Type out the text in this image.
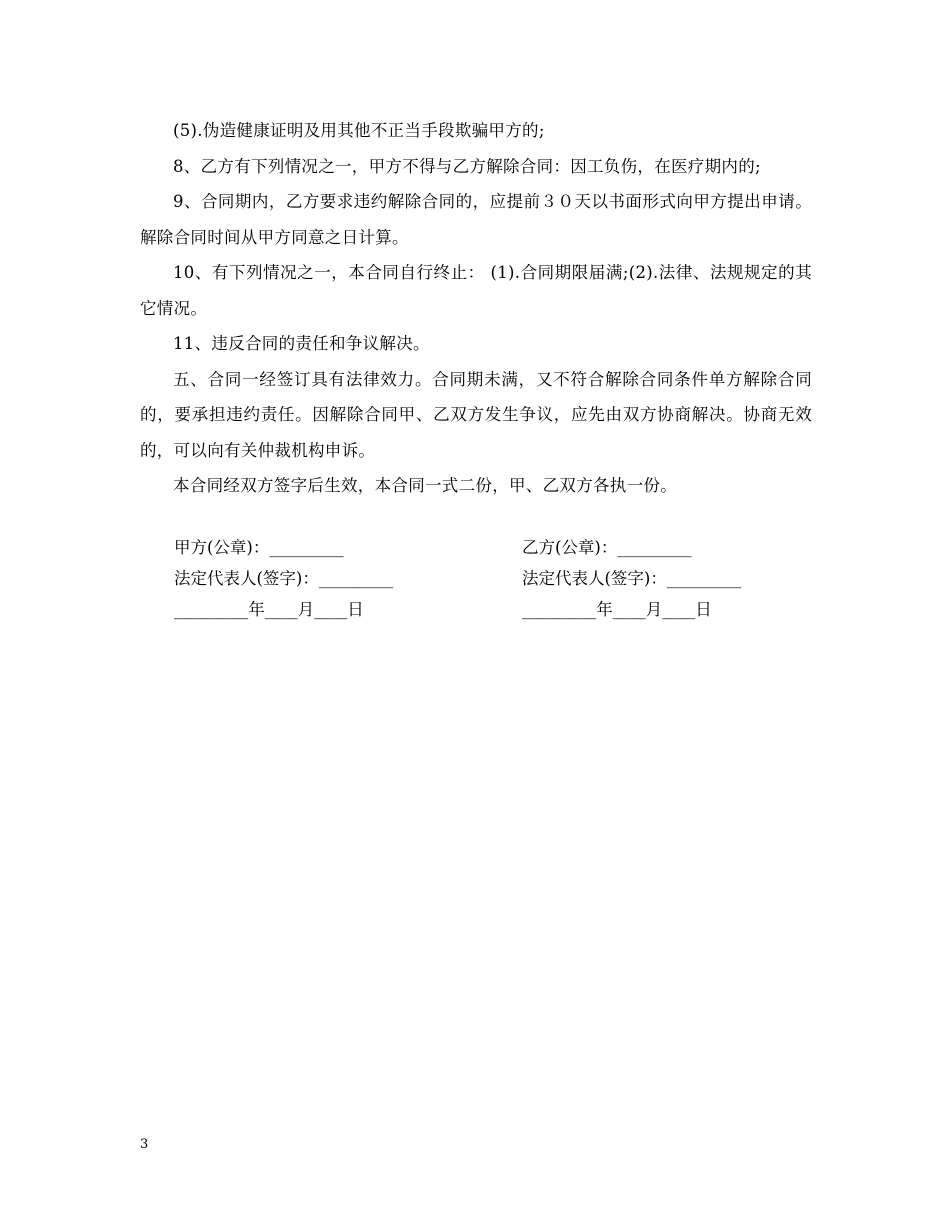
(5).伪造健康证明及用其他不正当手段欺骗甲方的;

8、乙方有下列情况之一，甲方不得与乙方解除合同：因工负伤，在医疗期内的;

9、合同期内，乙方要求违约解除合同的，应提前３０天以书面形式向甲方提出申请。解除合同时间从甲方同意之日计算。

10、有下列情况之一，本合同自行终止： (1).合同期限届满;(2).法律、法规规定的其它情况。

11、违反合同的责任和争议解决。

五、合同一经签订具有法律效力。合同期未满，又不符合解除合同条件单方解除合同的，要承担违约责任。因解除合同甲、乙双方发生争议，应先由双方协商解决。协商无效的，可以向有关仲裁机构申诉。

本合同经双方签字后生效，本合同一式二份，甲、乙双方各执一份。

甲方(公章)：_________	乙方(公章)：_________
法定代表人(签字)：_________	法定代表人(签字)：_________
_________年____月____日	_________年____月____日
3
